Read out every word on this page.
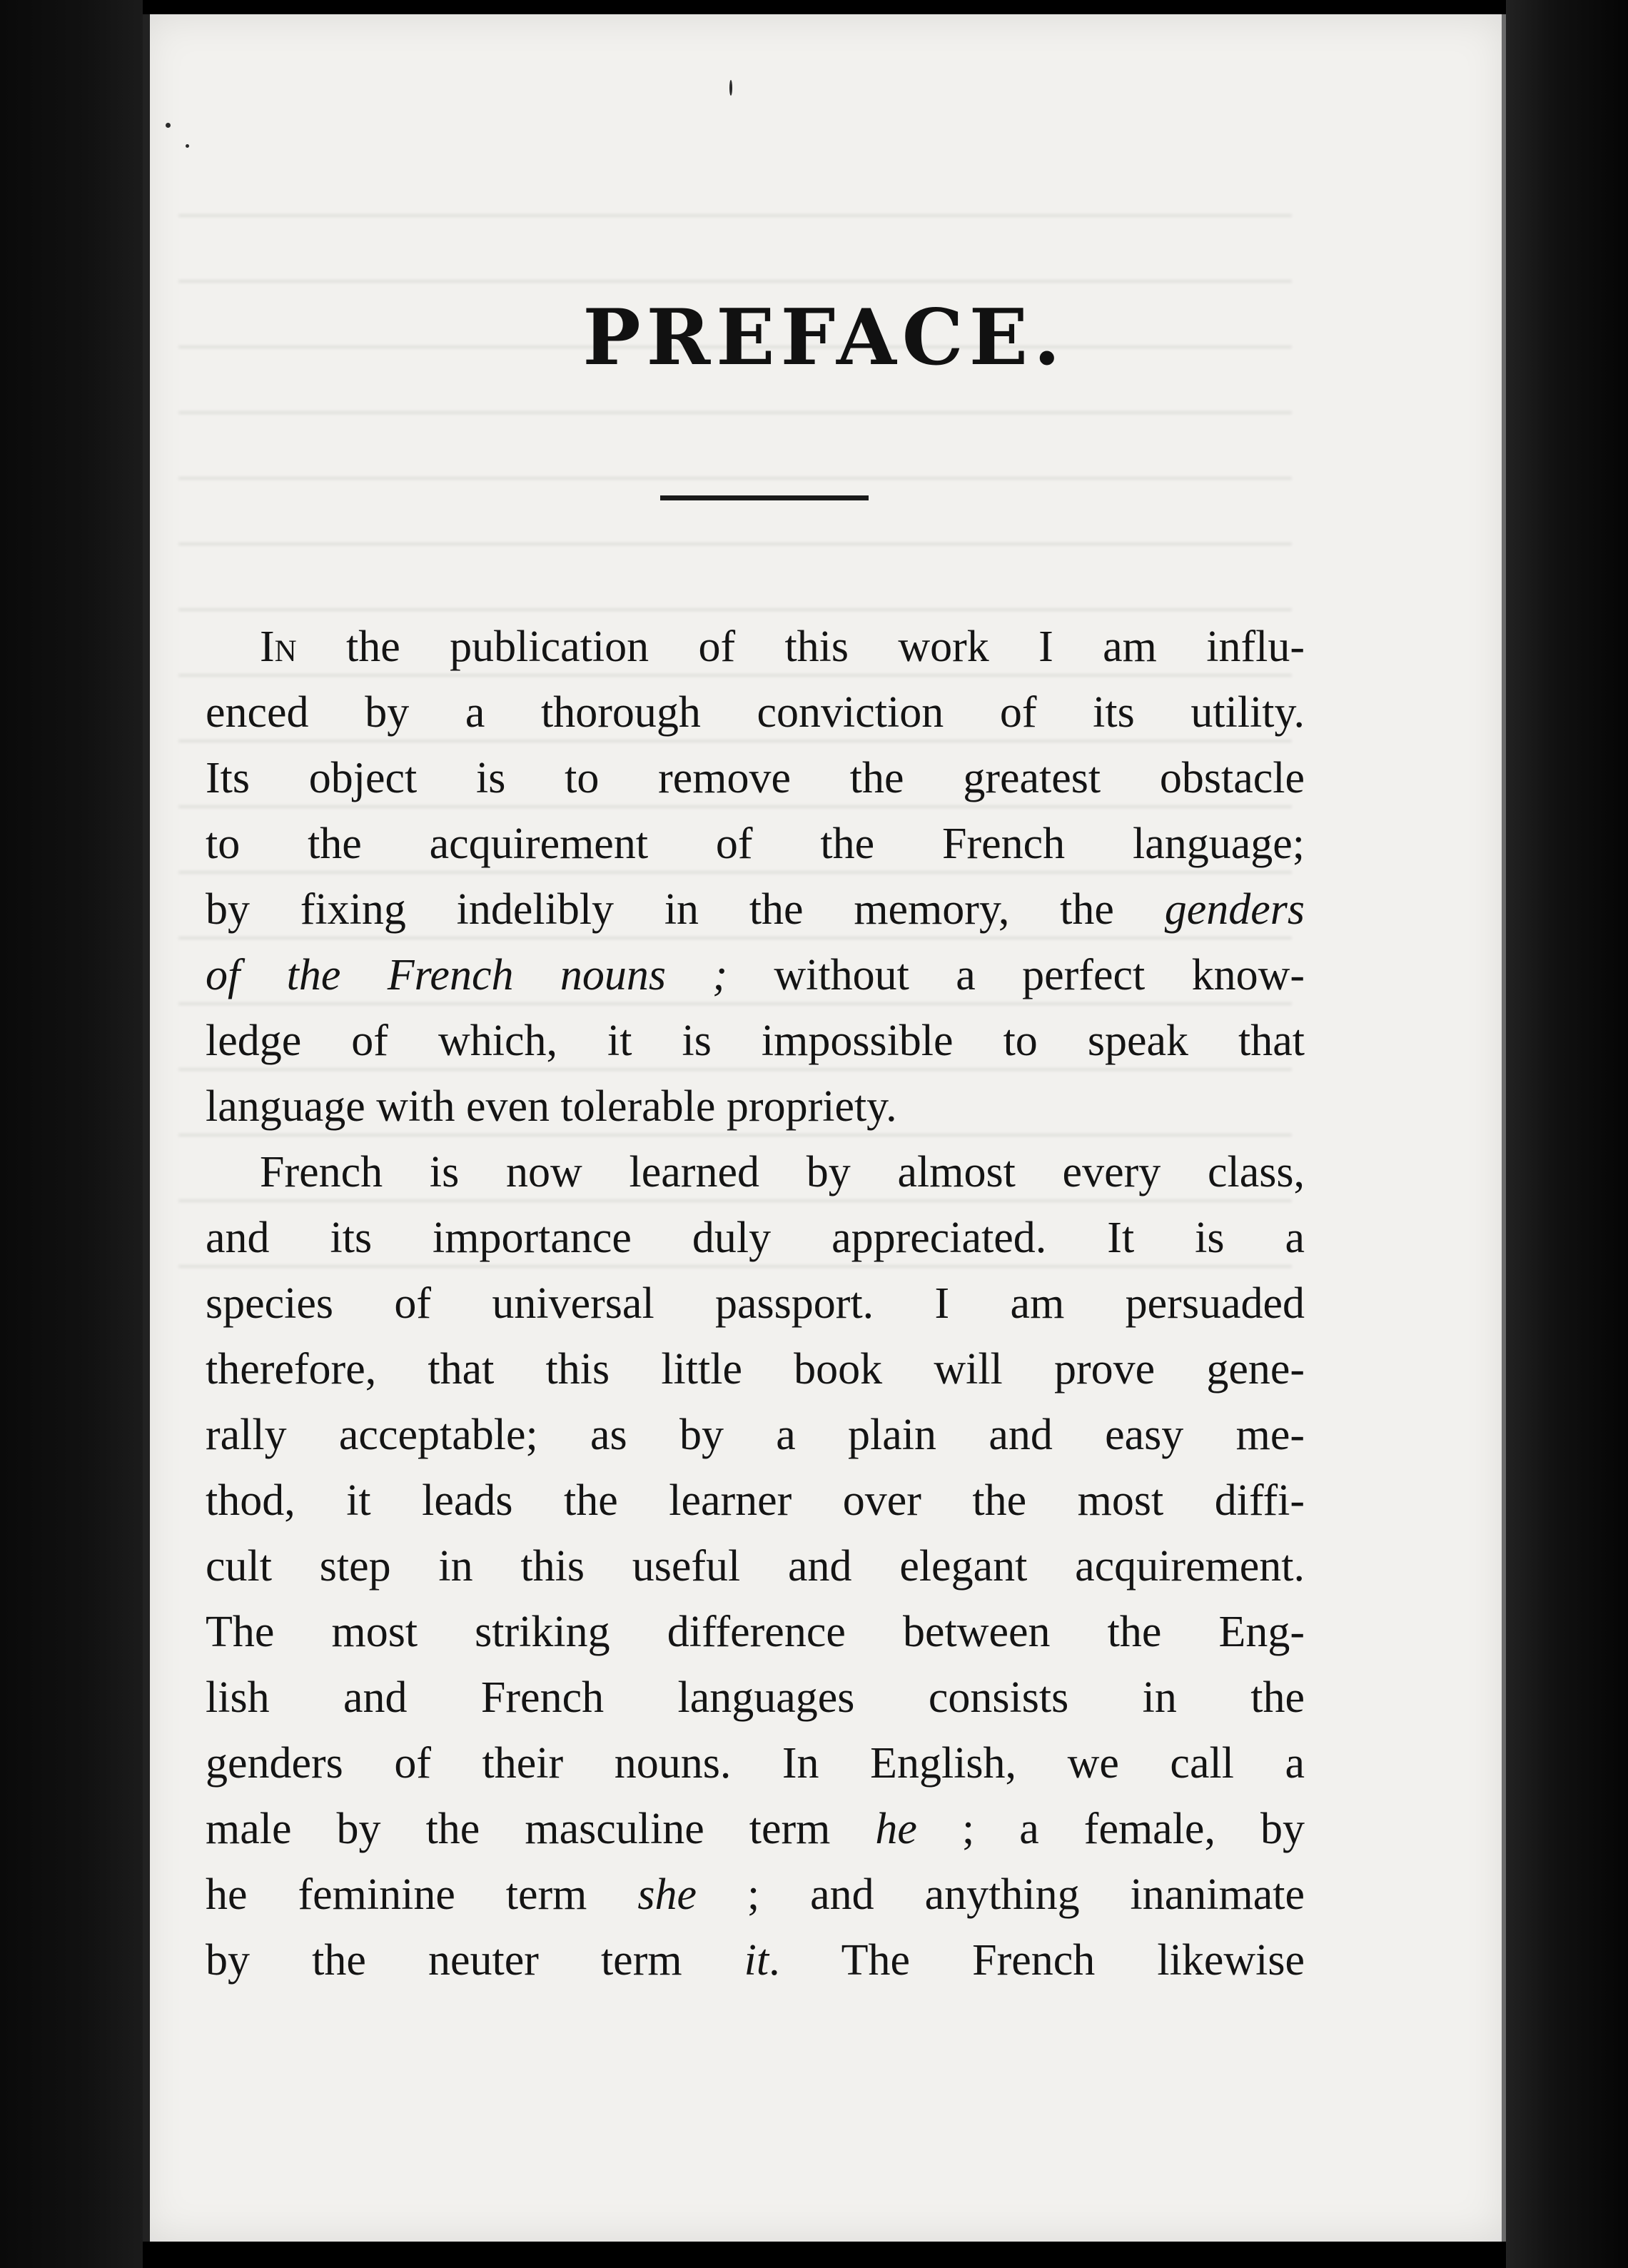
PREFACE.
In the publication of this work I am influ-
enced by a thorough conviction of its utility.
Its object is to remove the greatest obstacle
to the acquirement of the French language;
by fixing indelibly in the memory, the genders
of the French nouns ; without a perfect know-
ledge of which, it is impossible to speak that
language with even tolerable propriety.
French is now learned by almost every class,
and its importance duly appreciated. It is a
species of universal passport. I am persuaded
therefore, that this little book will prove gene-
rally acceptable; as by a plain and easy me-
thod, it leads the learner over the most diffi-
cult step in this useful and elegant acquirement.
The most striking difference between the Eng-
lish and French languages consists in the
genders of their nouns. In English, we call a
male by the masculine term he ; a female, by
he feminine term she ; and anything inanimate
by the neuter term it. The French likewise
